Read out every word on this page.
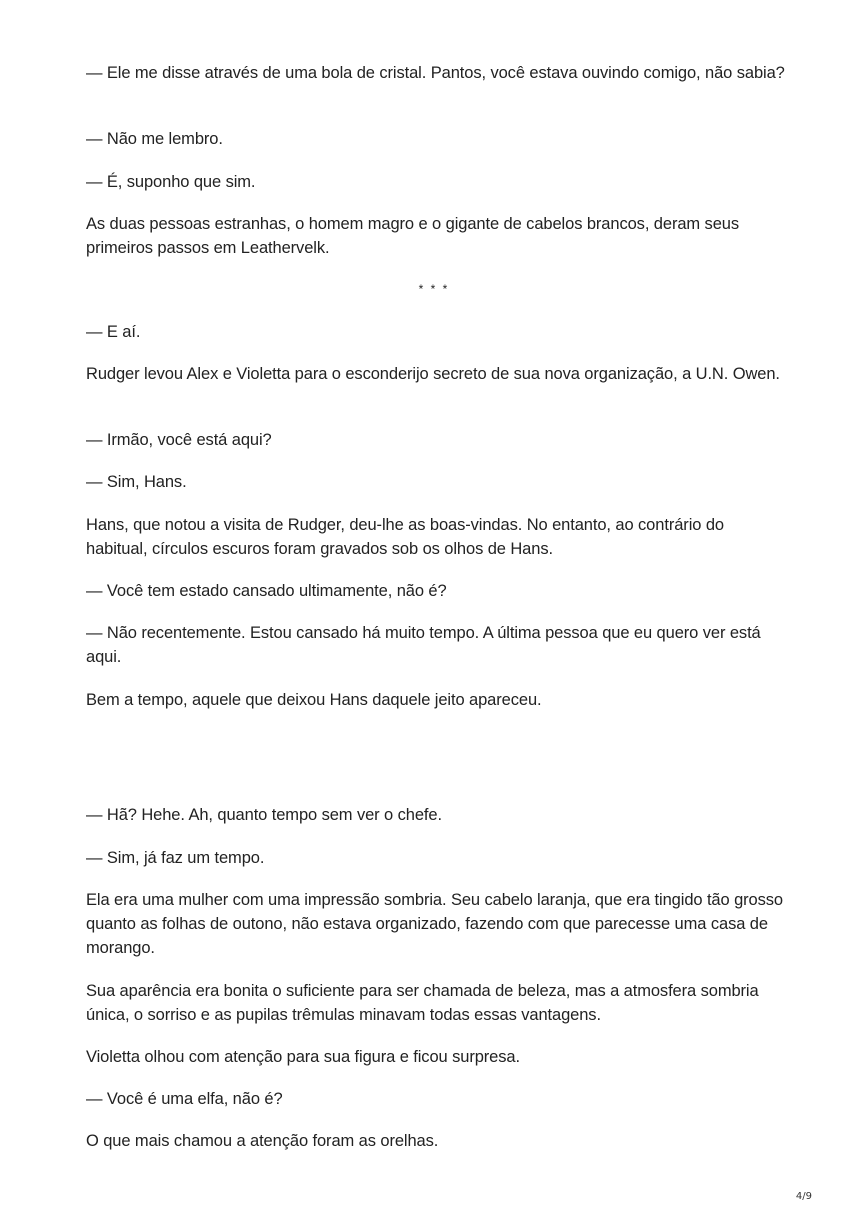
— Ele me disse através de uma bola de cristal. Pantos, você estava ouvindo comigo, não sabia?

— Não me lembro.

— É, suponho que sim.

As duas pessoas estranhas, o homem magro e o gigante de cabelos brancos, deram seus primeiros passos em Leathervelk.

* * *

— E aí.

Rudger levou Alex e Violetta para o esconderijo secreto de sua nova organização, a U.N. Owen.

— Irmão, você está aqui?

— Sim, Hans.

Hans, que notou a visita de Rudger, deu-lhe as boas-vindas. No entanto, ao contrário do habitual, círculos escuros foram gravados sob os olhos de Hans.

— Você tem estado cansado ultimamente, não é?

— Não recentemente. Estou cansado há muito tempo. A última pessoa que eu quero ver está aqui.

Bem a tempo, aquele que deixou Hans daquele jeito apareceu.

— Hã? Hehe. Ah, quanto tempo sem ver o chefe.

— Sim, já faz um tempo.

Ela era uma mulher com uma impressão sombria. Seu cabelo laranja, que era tingido tão grosso quanto as folhas de outono, não estava organizado, fazendo com que parecesse uma casa de morango.

Sua aparência era bonita o suficiente para ser chamada de beleza, mas a atmosfera sombria única, o sorriso e as pupilas trêmulas minavam todas essas vantagens.

Violetta olhou com atenção para sua figura e ficou surpresa.

— Você é uma elfa, não é?

O que mais chamou a atenção foram as orelhas.

4/9
